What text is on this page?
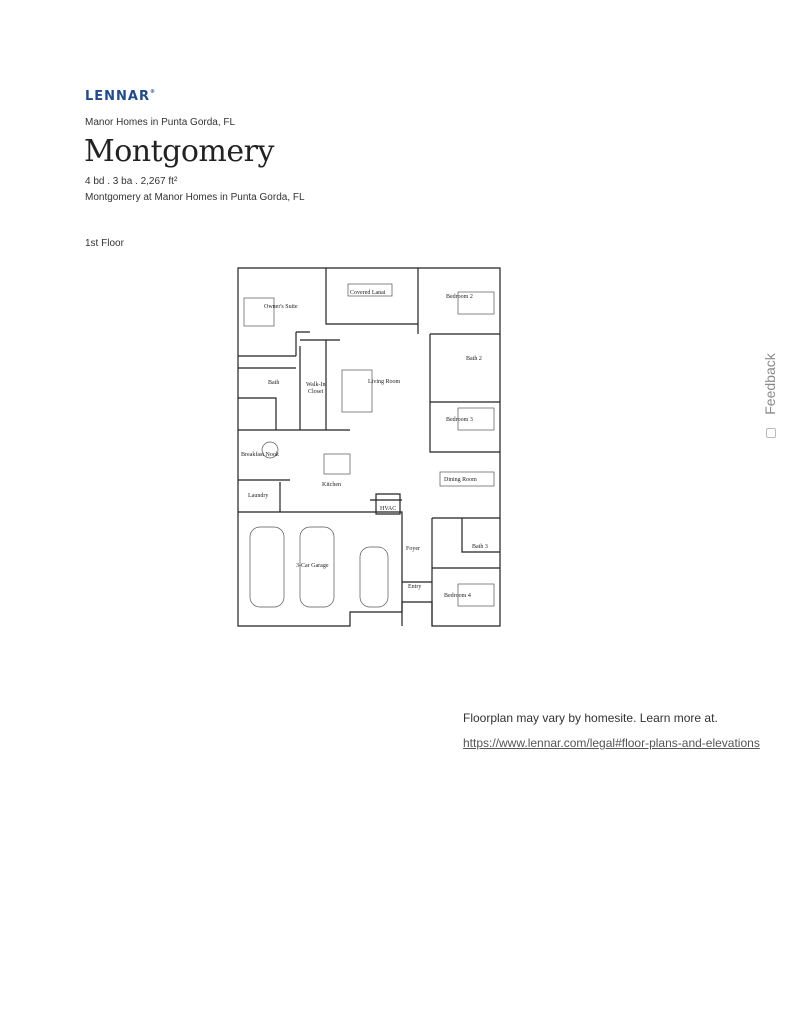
LENNAR®
Manor Homes in Punta Gorda, FL
Montgomery
4 bd . 3 ba . 2,267 ft²
Montgomery at Manor Homes in Punta Gorda, FL
1st Floor
Owner's Suite
Covered Lanai
Bedroom 2
Bath 2
Bath	Walk-In
Closet
Living Room
Bedroom 3
Breakfast Nook
Kitchen
Dining Room
Laundry
HVAC
Foyer	Bath 3
3-Car Garage
Entry
Bedroom 4
Floorplan may vary by homesite. Learn more at.
https://www.lennar.com/legal#floor-plans-and-elevations
Feedback
